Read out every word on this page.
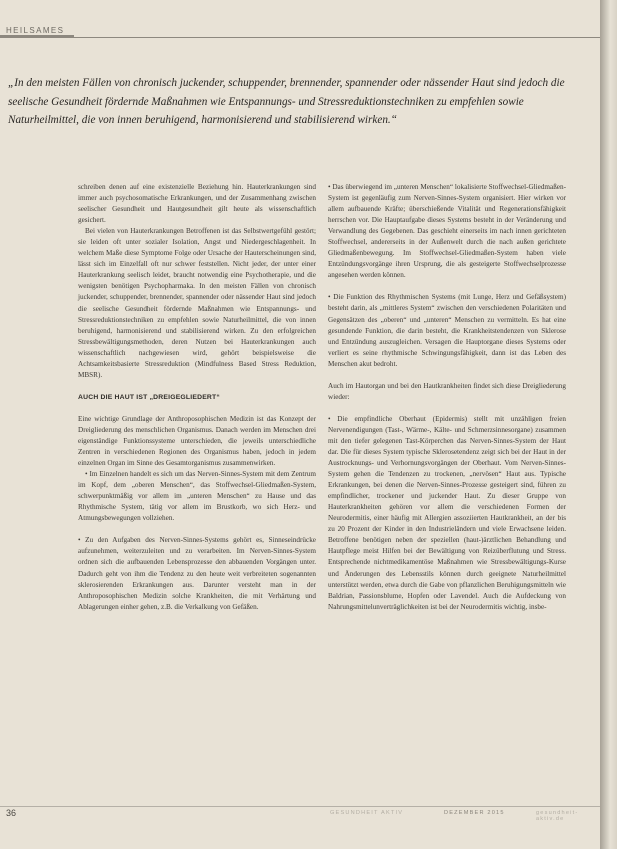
HEILSAMES

„In den meisten Fällen von chronisch juckender, schuppender, brennender, spannender oder nässender Haut sind jedoch die seelische Gesundheit fördernde Maßnahmen wie Entspannungs- und Stressreduktionstechniken zu empfehlen sowie Naturheilmittel, die von innen beruhigend, harmonisierend und stabilisierend wirken.“

schreiben denen auf eine existenzielle Beziehung hin. Hauterkrankungen sind immer auch psychosomatische Erkrankungen, und der Zusammenhang zwischen seelischer Gesundheit und Hautgesundheit gilt heute als wissenschaftlich gesichert.

Bei vielen von Hauterkrankungen Betroffenen ist das Selbstwertgefühl gestört; sie leiden oft unter sozialer Isolation, Angst und Niedergeschlagenheit. In welchem Maße diese Symptome Folge oder Ursache der Hauterscheinungen sind, lässt sich im Einzelfall oft nur schwer feststellen. Nicht jeder, der unter einer Hauterkrankung seelisch leidet, braucht notwendig eine Psychotherapie, und die wenigsten benötigen Psychopharmaka. In den meisten Fällen von chronisch juckender, schuppender, brennender, spannender oder nässender Haut sind jedoch die seelische Gesundheit fördernde Maßnahmen wie Entspannungs- und Stressreduktionstechniken zu empfehlen sowie Naturheilmittel, die von innen beruhigend, harmonisierend und stabilisierend wirken. Zu den erfolgreichen Stressbewältigungsmethoden, deren Nutzen bei Hauterkrankungen auch wissenschaftlich nachgewiesen wird, gehört beispielsweise die Achtsamkeitsbasierte Stressreduktion (Mindfulness Based Stress Reduktion, MBSR).

AUCH DIE HAUT IST „DREIGEGLIEDERT“

Eine wichtige Grundlage der Anthroposophischen Medizin ist das Konzept der Dreigliederung des menschlichen Organismus. Danach werden im Menschen drei eigenständige Funktionssysteme unterschieden, die jeweils unterschiedliche Zentren in verschiedenen Regionen des Organismus haben, jedoch in jedem einzelnen Organ im Sinne des Gesamtorganismus zusammenwirken.

• Im Einzelnen handelt es sich um das Nerven-Sinnes-System mit dem Zentrum im Kopf, dem „oberen Menschen“, das Stoffwechsel-Gliedmaßen-System, schwerpunktmäßig vor allem im „unteren Menschen“ zu Hause und das Rhythmische System, tätig vor allem im Brustkorb, wo sich Herz- und Atmungsbewegungen vollziehen.

• Zu den Aufgaben des Nerven-Sinnes-Systems gehört es, Sinneseindrücke aufzunehmen, weiterzuleiten und zu verarbeiten. Im Nerven-Sinnes-System ordnen sich die aufbauenden Lebensprozesse den abbauenden Vorgängen unter. Dadurch geht von ihm die Tendenz zu den heute weit verbreiteten sogenannten sklerosierenden Erkrankungen aus. Darunter versteht man in der Anthroposophischen Medizin solche Krankheiten, die mit Verhärtung und Ablagerungen einher gehen, z.B. die Verkalkung von Gefäßen.

• Das überwiegend im „unteren Menschen“ lokalisierte Stoffwechsel-Gliedmaßen-System ist gegenläufig zum Nerven-Sinnes-System organisiert. Hier wirken vor allem aufbauende Kräfte; überschießende Vitalität und Regenerationsfähigkeit herrschen vor. Die Hauptaufgabe dieses Systems besteht in der Veränderung und Verwandlung des Gegebenen. Das geschieht einerseits im nach innen gerichteten Stoffwechsel, andererseits in der Außenwelt durch die nach außen gerichtete Gliedmaßenbewegung. Im Stoffwechsel-Gliedmaßen-System haben viele Entzündungsvorgänge ihren Ursprung, die als gesteigerte Stoffwechselprozesse angesehen werden können.

• Die Funktion des Rhythmischen Systems (mit Lunge, Herz und Gefäßsystem) besteht darin, als „mittleres System“ zwischen den verschiedenen Polaritäten und Gegensätzen des „oberen“ und „unteren“ Menschen zu vermitteln. Es hat eine gesundende Funktion, die darin besteht, die Krankheitstendenzen von Sklerose und Entzündung auszugleichen. Versagen die Hauptorgane dieses Systems oder verliert es seine rhythmische Schwingungsfähigkeit, dann ist das Leben des Menschen akut bedroht.

Auch im Hautorgan und bei den Hautkrankheiten findet sich diese Dreigliederung wieder:

• Die empfindliche Oberhaut (Epidermis) stellt mit unzähligen freien Nervenendigungen (Tast-, Wärme-, Kälte- und Schmerzsinnesorgane) zusammen mit den tiefer gelegenen Tast-Körperchen das Nerven-Sinnes-System der Haut dar. Die für dieses System typische Sklerosetendenz zeigt sich bei der Haut in der Austrocknungs- und Verhornungsvorgängen der Oberhaut. Vom Nerven-Sinnes-System gehen die Tendenzen zu trockenen, „nervösen“ Haut aus. Typische Erkrankungen, bei denen die Nerven-Sinnes-Prozesse gesteigert sind, führen zu empfindlicher, trockener und juckender Haut. Zu dieser Gruppe von Hauterkrankheiten gehören vor allem die verschiedenen Formen der Neurodermitis, einer häufig mit Allergien assoziierten Hautkrankheit, an der bis zu 20 Prozent der Kinder in den Industrieländern und viele Erwachsene leiden. Betroffene benötigen neben der speziellen (haut-)ärztlichen Behandlung und Hautpflege meist Hilfen bei der Bewältigung von Reizüberflutung und Stress. Entsprechende nichtmedikamentöse Maßnahmen wie Stressbewältigungs-Kurse und Änderungen des Lebensstils können durch geeignete Naturheilmittel unterstützt werden, etwa durch die Gabe von pflanzlichen Beruhigungsmitteln wie Baldrian, Passionsblume, Hopfen oder Lavendel. Auch die Aufdeckung von Nahrungsmittelunverträglichkeiten ist bei der Neurodermitis wichtig, insbe-

36	GESUNDHEIT AKTIV	DEZEMBER 2015	gesundheit-aktiv.de
